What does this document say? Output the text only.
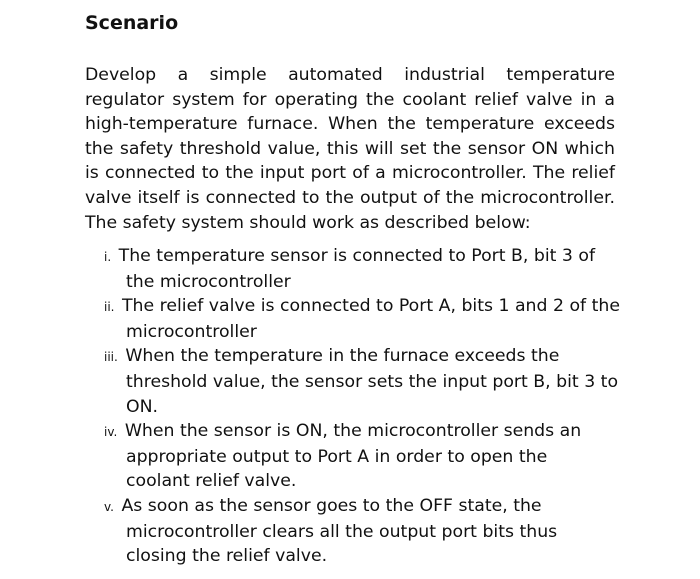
Scenario

Develop a simple automated industrial temperature regulator system for operating the coolant relief valve in a high-temperature furnace. When the temperature exceeds the safety threshold value, this will set the sensor ON which is connected to the input port of a microcontroller. The relief valve itself is connected to the output of the microcontroller. The safety system should work as described below:

i. The temperature sensor is connected to Port B, bit 3 of the microcontroller
ii. The relief valve is connected to Port A, bits 1 and 2 of the microcontroller
iii. When the temperature in the furnace exceeds the threshold value, the sensor sets the input port B, bit 3 to ON.
iv. When the sensor is ON, the microcontroller sends an appropriate output to Port A in order to open the coolant relief valve.
v. As soon as the sensor goes to the OFF state, the microcontroller clears all the output port bits thus closing the relief valve.
